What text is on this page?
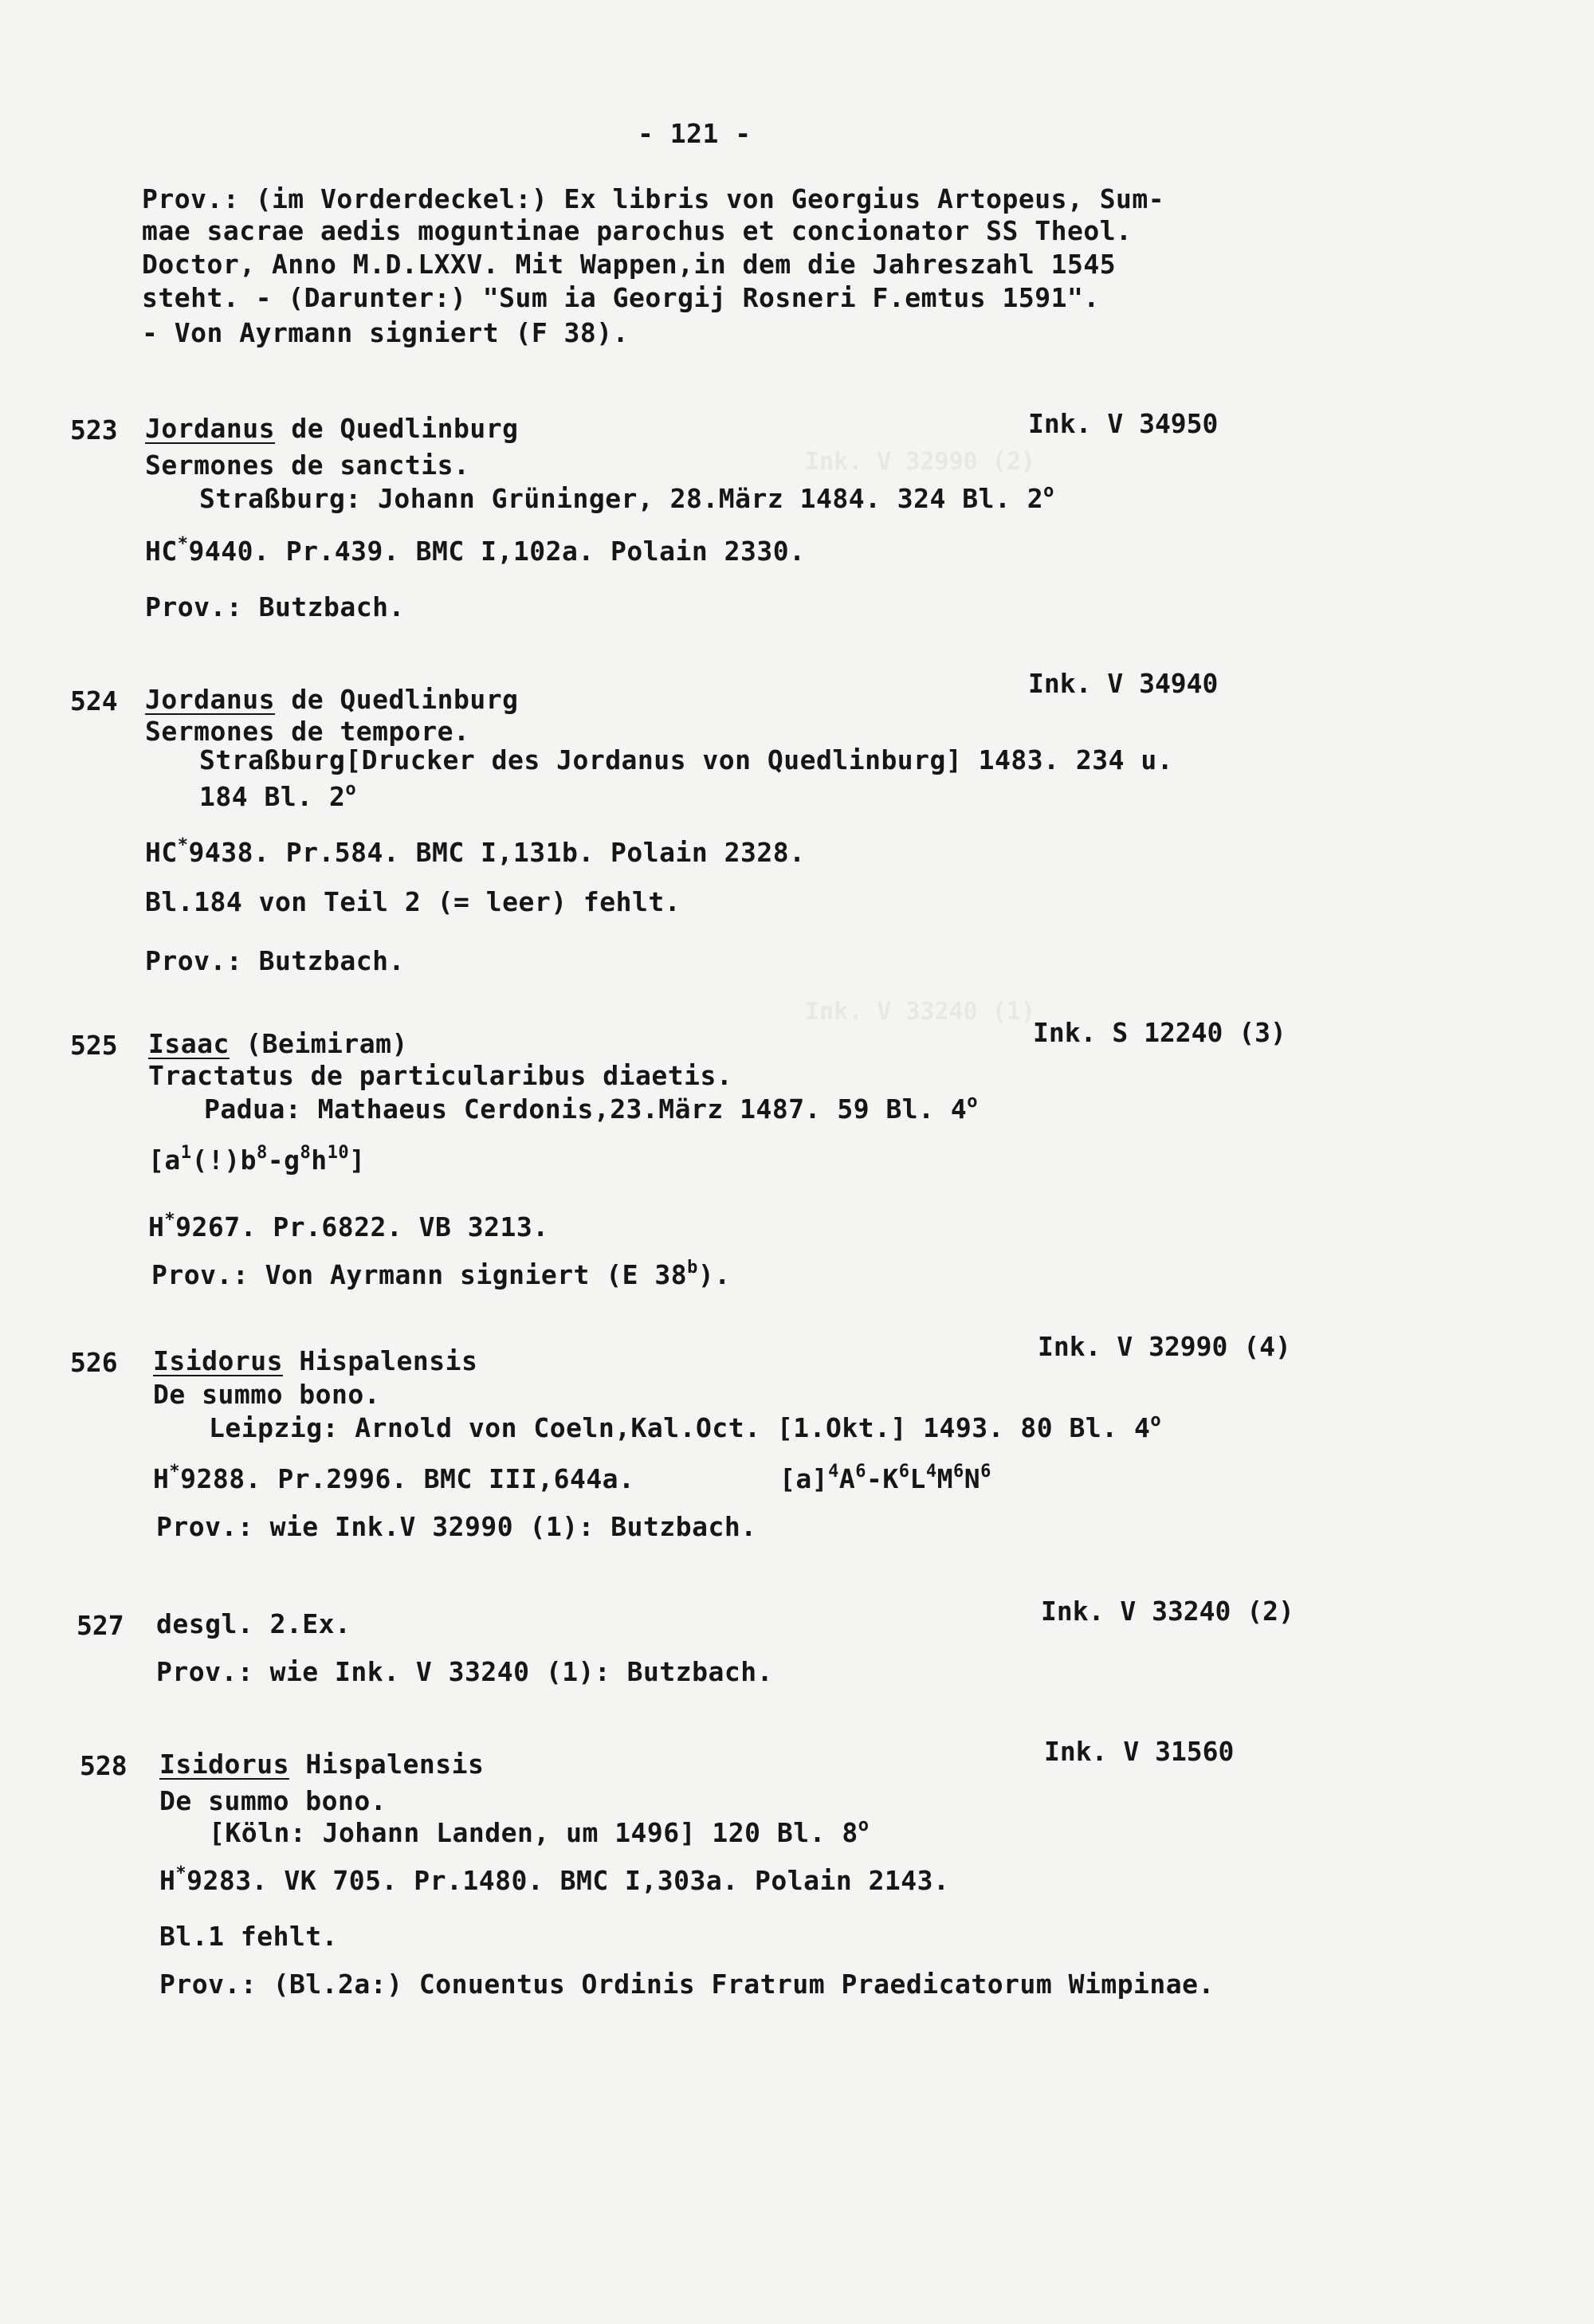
Ink. V 32990 (2)
Ink. V 33240 (1)
- 121 -
Prov.: (im Vorderdeckel:) Ex libris von Georgius Artopeus, Sum-
mae sacrae aedis moguntinae parochus et concionator SS Theol.
Doctor, Anno M.D.LXXV. Mit Wappen,in dem die Jahreszahl 1545
steht. - (Darunter:) "Sum ia Georgij Rosneri F.emtus 1591".
- Von Ayrmann signiert (F 38).
523 Jordanus de Quedlinburg	Ink. V 34950
Sermones de sanctis.
Straßburg: Johann Grüninger, 28.März 1484. 324 Bl. 2$^o$
HC*9440. Pr.439. BMC I,102a. Polain 2330.
Prov.: Butzbach.
524 Jordanus de Quedlinburg
Ink. V 34940
Sermones de tempore.
Straßburg[Drucker des Jordanus von Quedlinburg] 1483. 234 u.
184 Bl. 2$^o$
HC*9438. Pr.584. BMC I,131b. Polain 2328.
Bl.184 von Teil 2 (= leer) fehlt.
Prov.: Butzbach.
525 Isaac (Beimiram)	Ink. S 12240 (3)
Tractatus de particularibus diaetis.
Padua: Mathaeus Cerdonis,23.März 1487. 59 Bl. 4$^o$
$[a^1(!)b^8-g^8h^{10}]$
H*9267. Pr.6822. VB 3213.
Prov.: Von Ayrmann signiert (E 38$^b$).
526 Isidorus Hispalensis	Ink. V 32990 (4)
De summo bono.
Leipzig: Arnold von Coeln,Kal.Oct. [1.Okt.] 1493. 80 Bl. 4$^o$
H*9288. Pr.2996. BMC III,644a.	$[a]^4A^6-K^6L^4M^6N^6$
Prov.: wie Ink.V 32990 (1): Butzbach.
527 desgl. 2.Ex.	Ink. V 33240 (2)
Prov.: wie Ink. V 33240 (1): Butzbach.
528 Isidorus Hispalensis	Ink. V 31560
De summo bono.
[Köln: Johann Landen, um 1496] 120 Bl. 8$^o$
H*9283. VK 705. Pr.1480. BMC I,303a. Polain 2143.
Bl.1 fehlt.
Prov.: (Bl.2a:) Conuentus Ordinis Fratrum Praedicatorum Wimpinae.
